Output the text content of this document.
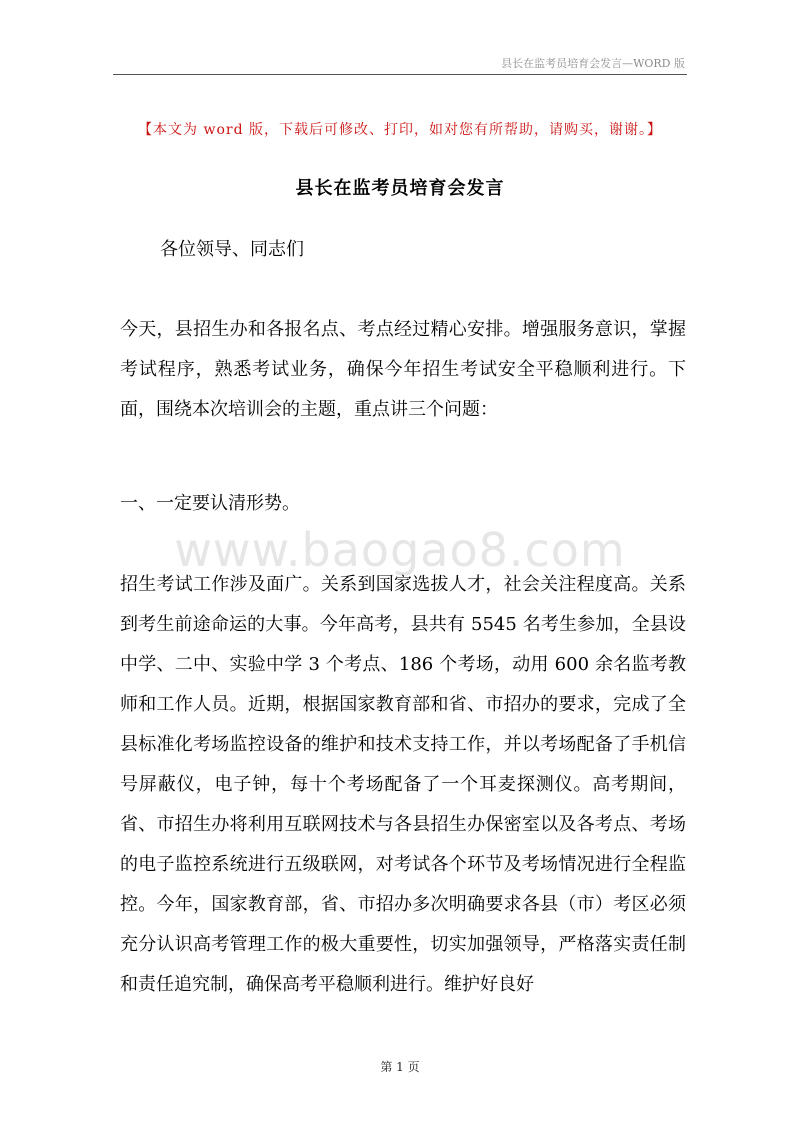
县长在监考员培育会发言—WORD 版
【本文为 word 版，下载后可修改、打印，如对您有所帮助，请购买，谢谢。】
县长在监考员培育会发言
各位领导、同志们
今天，县招生办和各报名点、考点经过精心安排。增强服务意识，掌握考试程序，熟悉考试业务，确保今年招生考试安全平稳顺利进行。下面，围绕本次培训会的主题，重点讲三个问题：
一、一定要认清形势。
www.baogao8.com
招生考试工作涉及面广。关系到国家选拔人才，社会关注程度高。关系到考生前途命运的大事。今年高考，县共有 5545 名考生参加，全县设中学、二中、实验中学 3 个考点、186 个考场，动用 600 余名监考教师和工作人员。近期，根据国家教育部和省、市招办的要求，完成了全县标准化考场监控设备的维护和技术支持工作，并以考场配备了手机信号屏蔽仪，电子钟，每十个考场配备了一个耳麦探测仪。高考期间，省、市招生办将利用互联网技术与各县招生办保密室以及各考点、考场的电子监控系统进行五级联网，对考试各个环节及考场情况进行全程监控。今年，国家教育部，省、市招办多次明确要求各县（市）考区必须充分认识高考管理工作的极大重要性，切实加强领导，严格落实责任制和责任追究制，确保高考平稳顺利进行。维护好良好
第 1 页
